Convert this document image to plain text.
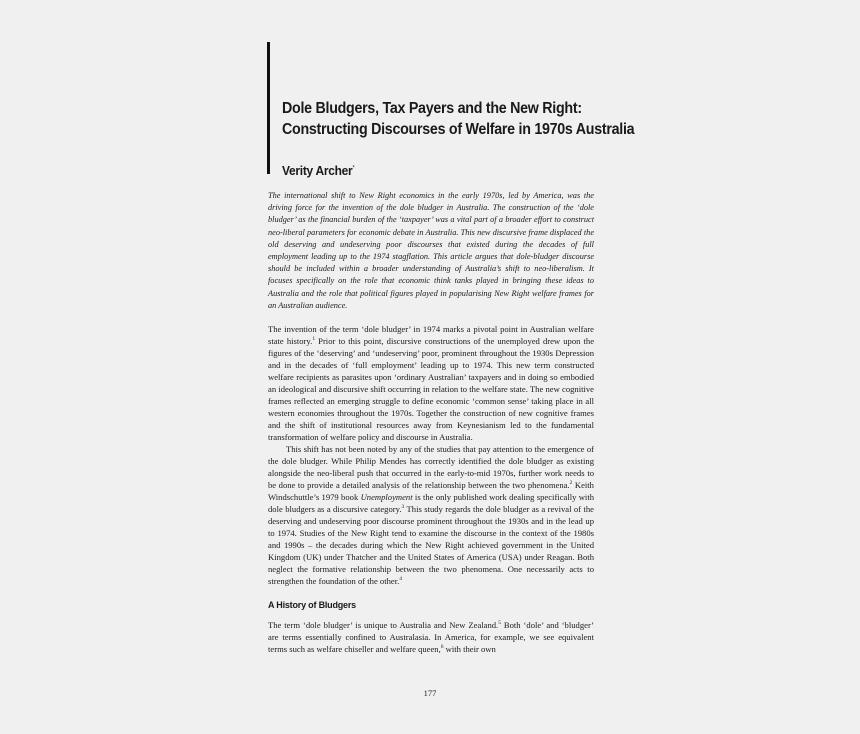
Dole Bludgers, Tax Payers and the New Right:
Constructing Discourses of Welfare in 1970s Australia
Verity Archer*
The international shift to New Right economics in the early 1970s, led by America, was the driving force for the invention of the dole bludger in Australia. The construction of the ‘dole bludger’ as the financial burden of the ‘taxpayer’ was a vital part of a broader effort to construct neo-liberal parameters for economic debate in Australia. This new discursive frame displaced the old deserving and undeserving poor discourses that existed during the decades of full employment leading up to the 1974 stagflation. This article argues that dole-bludger discourse should be included within a broader understanding of Australia’s shift to neo-liberalism. It focuses specifically on the role that economic think tanks played in bringing these ideas to Australia and the role that political figures played in popularising New Right welfare frames for an Australian audience.

The invention of the term ‘dole bludger’ in 1974 marks a pivotal point in Australian welfare state history.$^1$ Prior to this point, discursive constructions of the unemployed drew upon the figures of the ‘deserving’ and ‘undeserving’ poor, prominent throughout the 1930s Depression and in the decades of ‘full employment’ leading up to 1974. This new term constructed welfare recipients as parasites upon ‘ordinary Australian’ taxpayers and in doing so embodied an ideological and discursive shift occurring in relation to the welfare state. The new cognitive frames reflected an emerging struggle to define economic ‘common sense’ taking place in all western economies throughout the 1970s. Together the construction of new cognitive frames and the shift of institutional resources away from Keynesianism led to the fundamental transformation of welfare policy and discourse in Australia.

This shift has not been noted by any of the studies that pay attention to the emergence of the dole bludger. While Philip Mendes has correctly identified the dole bludger as existing alongside the neo-liberal push that occurred in the early-to-mid 1970s, further work needs to be done to provide a detailed analysis of the relationship between the two phenomena.$^2$ Keith Windschuttle’s 1979 book Unemployment is the only published work dealing specifically with dole bludgers as a discursive category.$^3$ This study regards the dole bludger as a revival of the deserving and undeserving poor discourse prominent throughout the 1930s and in the lead up to 1974. Studies of the New Right tend to examine the discourse in the context of the 1980s and 1990s – the decades during which the New Right achieved government in the United Kingdom (UK) under Thatcher and the United States of America (USA) under Reagan. Both neglect the formative relationship between the two phenomena. One necessarily acts to strengthen the foundation of the other.$^4$

A History of Bludgers

The term ‘dole bludger’ is unique to Australia and New Zealand.$^5$ Both ‘dole’ and ‘bludger’ are terms essentially confined to Australasia. In America, for example, we see equivalent terms such as welfare chiseller and welfare queen,$^6$ with their own

177
